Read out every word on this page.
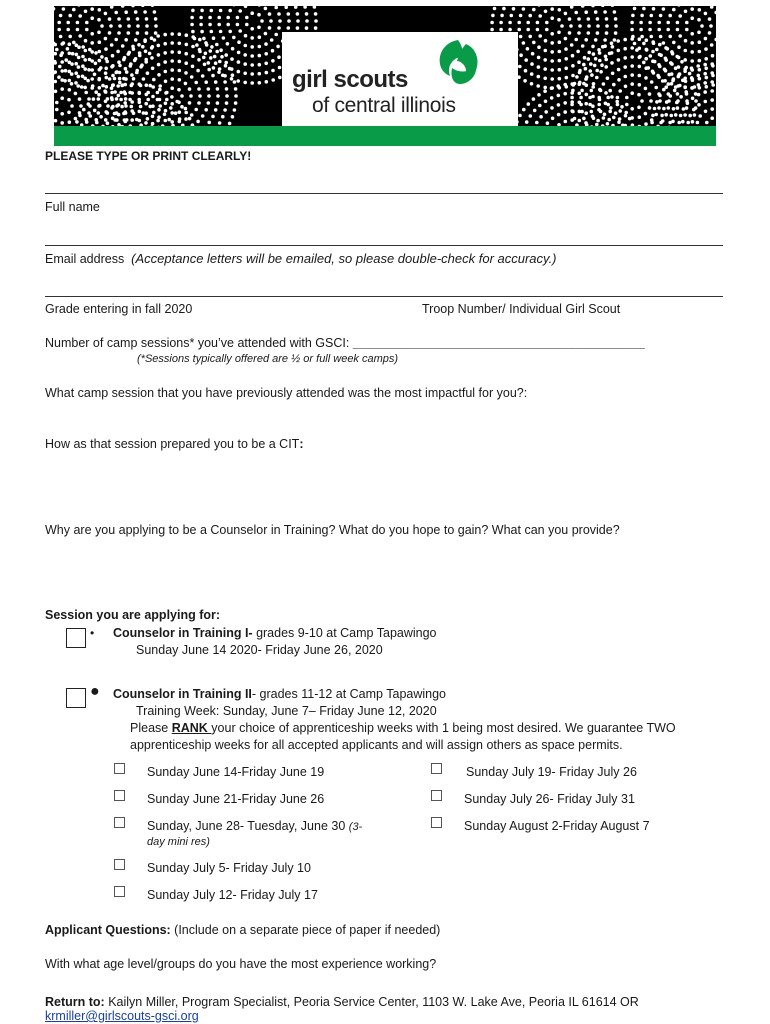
girl scouts
of central illinois
PLEASE TYPE OR PRINT CLEARLY!
Full name
Email address (Acceptance letters will be emailed, so please double-check for accuracy.)
Grade entering in fall 2020	Troop Number/ Individual Girl Scout
Number of camp sessions* you’ve attended with GSCI: __________________________________________
(*Sessions typically offered are ½ or full week camps)
What camp session that you have previously attended was the most impactful for you?:
How as that session prepared you to be a CIT:
Why are you applying to be a Counselor in Training? What do you hope to gain? What can you provide?
Session you are applying for:
• Counselor in Training I- grades 9-10 at Camp Tapawingo
Sunday June 14 2020- Friday June 26, 2020
● Counselor in Training II- grades 11-12 at Camp Tapawingo
Training Week: Sunday, June 7– Friday June 12, 2020
Please RANK your choice of apprenticeship weeks with 1 being most desired. We guarantee TWO
apprenticeship weeks for all accepted applicants and will assign others as space permits.
Sunday June 14-Friday June 19
Sunday June 21-Friday June 26
Sunday, June 28- Tuesday, June 30 (3-
day mini res)
Sunday July 5- Friday July 10
Sunday July 12- Friday July 17
Sunday July 19- Friday July 26
Sunday July 26- Friday July 31
Sunday August 2-Friday August 7
Applicant Questions: (Include on a separate piece of paper if needed)
With what age level/groups do you have the most experience working?
Return to: Kailyn Miller, Program Specialist, Peoria Service Center, 1103 W. Lake Ave, Peoria IL 61614 OR
krmiller@girlscouts-gsci.org
